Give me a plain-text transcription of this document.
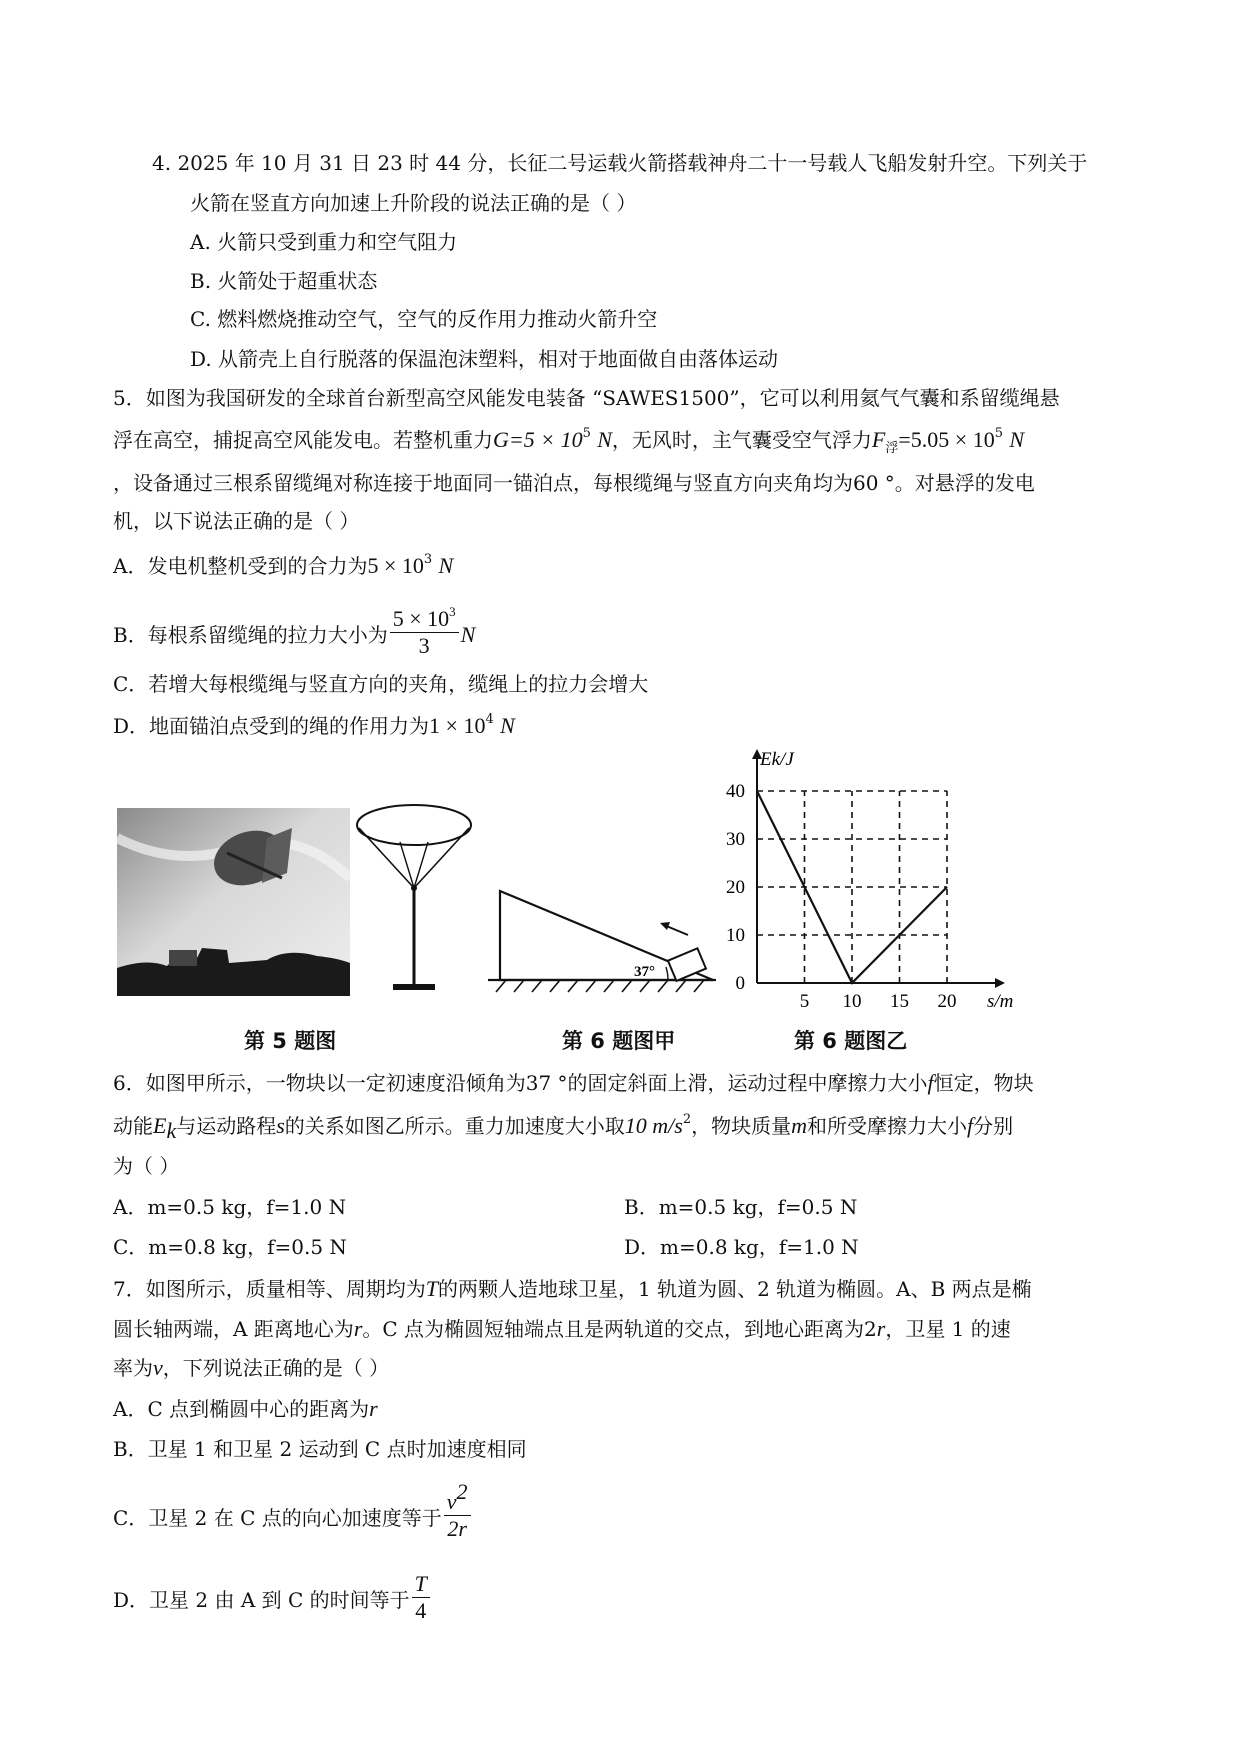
4. 2025 年 10 月 31 日 23 时 44 分，长征二号运载火箭搭载神舟二十一号载人飞船发射升空。下列关于
火箭在竖直方向加速上升阶段的说法正确的是（ ）
A. 火箭只受到重力和空气阻力
B. 火箭处于超重状态
C. 燃料燃烧推动空气，空气的反作用力推动火箭升空
D. 从箭壳上自行脱落的保温泡沫塑料，相对于地面做自由落体运动
5．如图为我国研发的全球首台新型高空风能发电装备 “SAWES1500”，它可以利用氦气气囊和系留缆绳悬
浮在高空，捕捉高空风能发电。若整机重力$G=5 \times 10^5$ N，无风时，主气囊受空气浮力$F_浮=5.05 \times 10^5$ N
，设备通过三根系留缆绳对称连接于地面同一锚泊点，每根缆绳与竖直方向夹角均为60 °。对悬浮的发电
机，以下说法正确的是（ ）
A．发电机整机受到的合力为$5 \times 10^3$ N
B．每根系留缆绳的拉力大小为 $\frac{5 \times 10^3}{3}$ N
C．若增大每根缆绳与竖直方向的夹角，缆绳上的拉力会增大
D．地面锚泊点受到的绳的作用力为$1 \times 10^4$ N
37°
5 10 15 20
40
30
20
10
0
Ek/J
s/m
第 5 题图	第 6 题图甲	第 6 题图乙
6．如图甲所示，一物块以一定初速度沿倾角为37 °的固定斜面上滑，运动过程中摩擦力大小f恒定，物块
动能$E_k$与运动路程s的关系如图乙所示。重力加速度大小取10 $m/s^2$，物块质量m和所受摩擦力大小f分别
为（ ）
A．m=0.5 kg，f=1.0 N	B．m=0.5 kg，f=0.5 N
C．m=0.8 kg，f=0.5 N	D．m=0.8 kg，f=1.0 N
7．如图所示，质量相等、周期均为T的两颗人造地球卫星，1 轨道为圆、2 轨道为椭圆。A、B 两点是椭
圆长轴两端，A 距离地心为r。C 点为椭圆短轴端点且是两轨道的交点，到地心距离为2r，卫星 1 的速
率为v，下列说法正确的是（ ）
A．C 点到椭圆中心的距离为r
B．卫星 1 和卫星 2 运动到 C 点时加速度相同
C．卫星 2 在 C 点的向心加速度等于 $\frac{v^2}{2r}$
D．卫星 2 由 A 到 C 的时间等于 $\frac{T}{4}$
